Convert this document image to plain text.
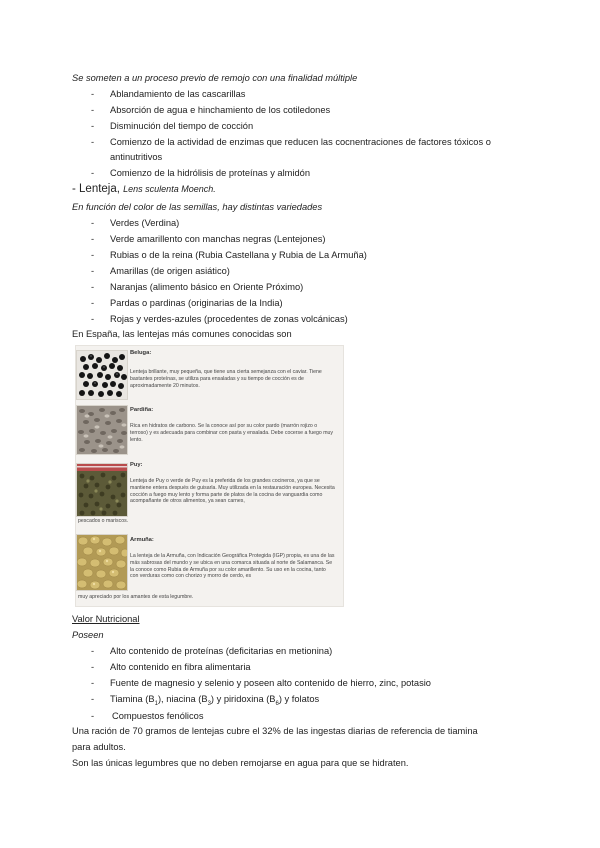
Se someten a un proceso previo de remojo con una finalidad múltiple
- Ablandamiento de las cascarillas
- Absorción de agua e hinchamiento de los cotiledones
- Disminución del tiempo de cocción
- Comienzo de la actividad de enzimas que reducen las cocnentraciones de factores tóxicos o
antinutritivos
- Comienzo de la hidrólisis de proteínas y almidón
- Lenteja, Lens sculenta Moench.
En función del color de las semillas, hay distintas variedades
- Verdes (Verdina)
- Verde amarillento con manchas negras (Lentejones)
- Rubias o de la reina (Rubia Castellana y Rubia de La Armuña)
- Amarillas (de origen asiático)
- Naranjas (alimento básico en Oriente Próximo)
- Pardas o pardinas (originarias de la India)
- Rojas y verdes-azules (procedentes de zonas volcánicas)
En España, las lentejas más comunes conocidas son
Beluga:
Lenteja brillante, muy pequeña, que tiene una cierta semejanza con el caviar. Tiene bastantes proteínas, se utiliza para ensaladas y su tiempo de cocción es de aproximadamente 20 minutos.
Pardiña:
Rica en hidratos de carbono. Se la conoce así por su color pardo (marrón rojizo o terroso) y es adecuada para combinar con pasta y ensalada. Debe cocerse a fuego muy lento.
Puy:
Lenteja de Puy o verde de Puy es la preferida de los grandes cocineros, ya que se mantiene entera después de guisarla. Muy utilizada en la restauración europea. Necesita cocción a fuego muy lento y forma parte de platos de la cocina de vanguardia como acompañante de otros alimentos, ya sean carnes,
pescados o mariscos.
Armuña:
La lenteja de la Armuña, con Indicación Geográfica Protegida (IGP) propia, es una de las más sabrosas del mundo y se ubica en una comarca situada al norte de Salamanca. Se la conoce como Rubia de Armuña por su color amarillento. Su uso en la cocina, tanto con verduras como con chorizo y morro de cerdo, es
muy apreciado por los amantes de esta legumbre.
Valor Nutricional
Poseen
- Alto contenido de proteínas (deficitarias en metionina)
- Alto contenido en fibra alimentaria
- Fuente de magnesio y selenio y poseen alto contenido de hierro, zinc, potasio
- Tiamina $(B_1)$, niacina $(B_3)$ y piridoxina $(B_6)$ y folatos
- Compuestos fenólicos
Una ración de 70 gramos de lentejas cubre el 32% de las ingestas diarias de referencia de tiamina
para adultos.
Son las únicas legumbres que no deben remojarse en agua para que se hidraten.
